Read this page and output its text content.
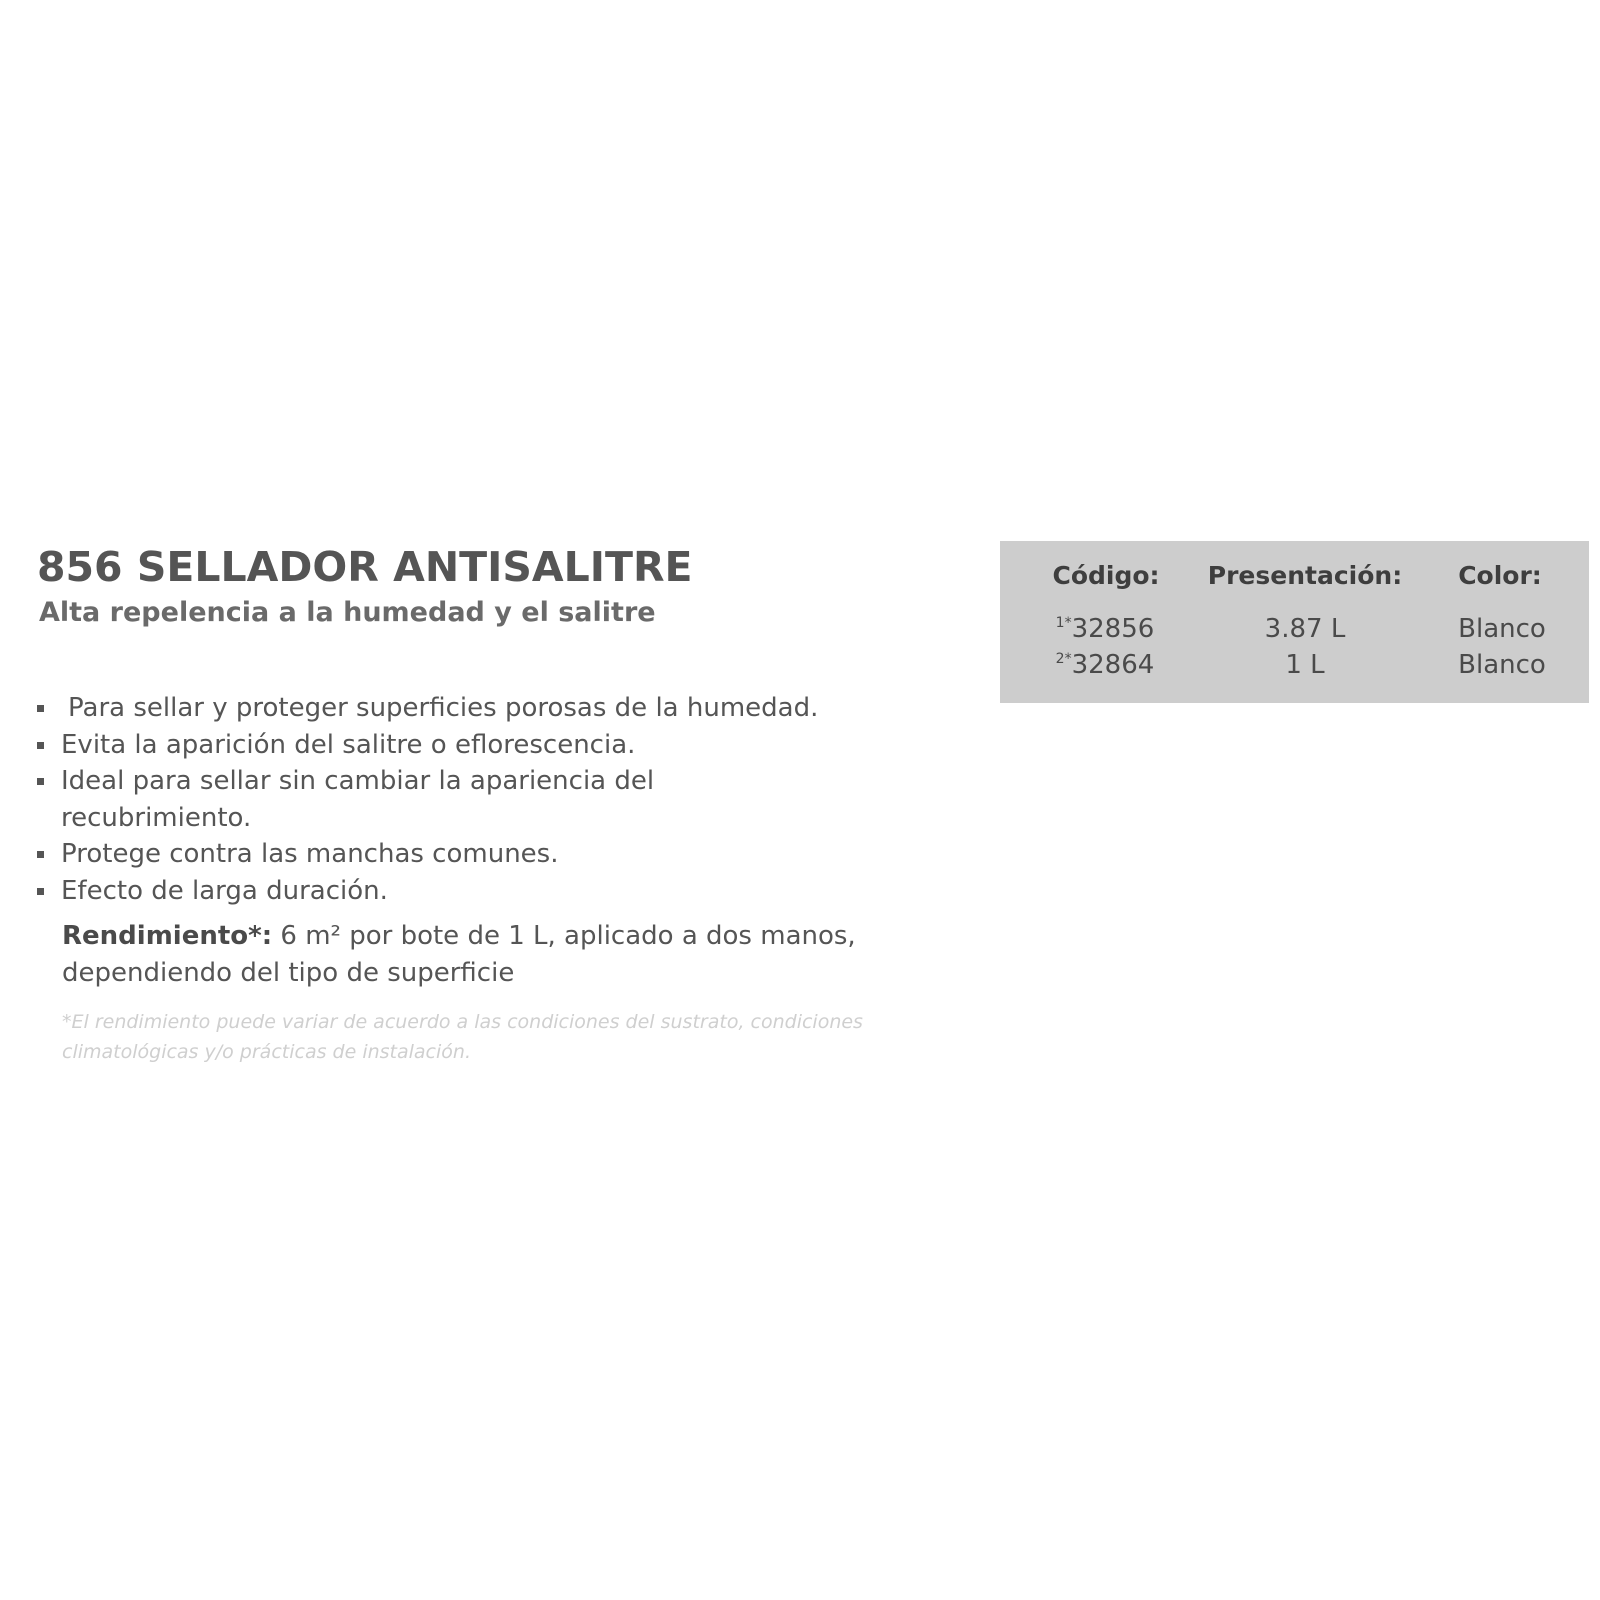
856 SELLADOR ANTISALITRE

Alta repelencia a la humedad y el salitre

Para sellar y proteger superficies porosas de la humedad.
Evita la aparición del salitre o eflorescencia.
Ideal para sellar sin cambiar la apariencia del recubrimiento.
Protege contra las manchas comunes.
Efecto de larga duración.

Rendimiento*: 6 m² por bote de 1 L, aplicado a dos manos, dependiendo del tipo de superficie

*El rendimiento puede variar de acuerdo a las condiciones del sustrato, condiciones climatológicas y/o prácticas de instalación.

Código:	Presentación:	Color:
$^{1*}$32856	3.87 L	Blanco
$^{2*}$32864	1 L	Blanco
